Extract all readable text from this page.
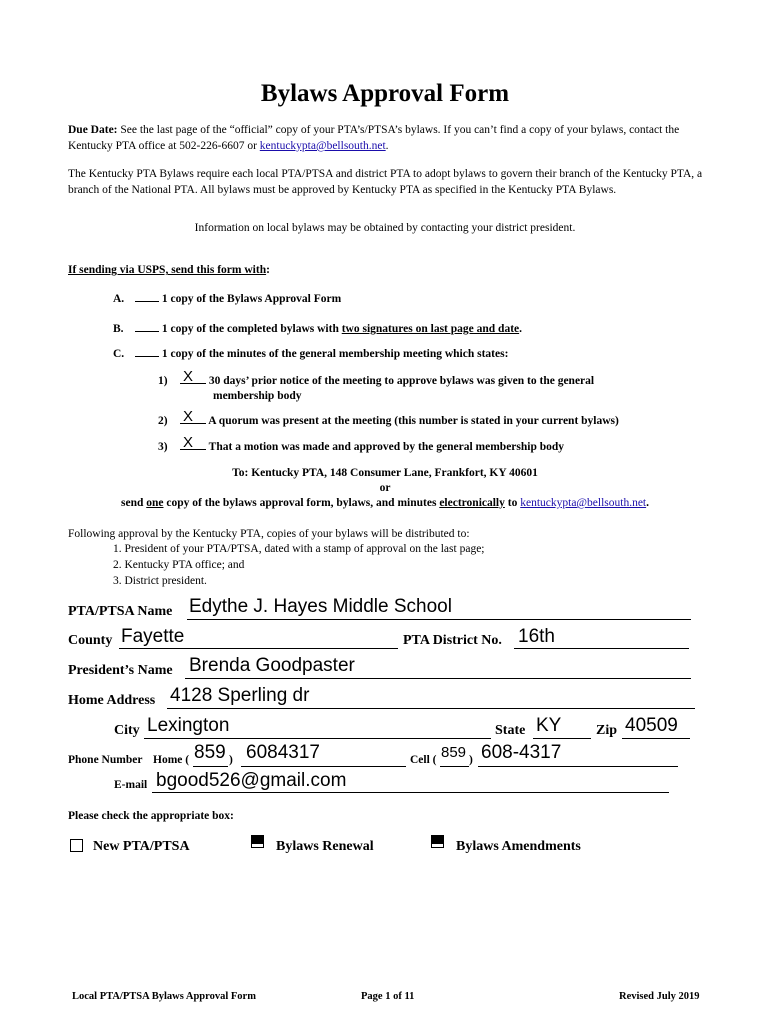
Bylaws Approval Form
Due Date: See the last page of the “official” copy of your PTA’s/PTSA’s bylaws. If you can’t find a copy of your bylaws, contact the Kentucky PTA office at 502-226-6607 or kentuckypta@bellsouth.net.
The Kentucky PTA Bylaws require each local PTA/PTSA and district PTA to adopt bylaws to govern their branch of the Kentucky PTA, a branch of the National PTA. All bylaws must be approved by Kentucky PTA as specified in the Kentucky PTA Bylaws.
Information on local bylaws may be obtained by contacting your district president.
If sending via USPS, send this form with:
A.	1 copy of the Bylaws Approval Form
B.	1 copy of the completed bylaws with two signatures on last page and date.
C.	1 copy of the minutes of the general membership meeting which states:
1) X 30 days’ prior notice of the meeting to approve bylaws was given to the general
membership body
2) X A quorum was present at the meeting (this number is stated in your current bylaws)
3) X That a motion was made and approved by the general membership body
To: Kentucky PTA, 148 Consumer Lane, Frankfort, KY 40601
or
send one copy of the bylaws approval form, bylaws, and minutes electronically to kentuckypta@bellsouth.net.
Following approval by the Kentucky PTA, copies of your bylaws will be distributed to:
1. President of your PTA/PTSA, dated with a stamp of approval on the last page;
2. Kentucky PTA office; and
3. District president.
PTA/PTSA Name Edythe J. Hayes Middle School
County Fayette	PTA District No. 16th
President’s Name Brenda Goodpaster
Home Address 4128 Sperling dr
City Lexington	State KY Zip 40509
Phone Number Home ( 859 ) 6084317	Cell ( 859 ) 608-4317
E-mail bgood526@gmail.com
Please check the appropriate box:
New PTA/PTSA	Bylaws Renewal	Bylaws Amendments
Local PTA/PTSA Bylaws Approval Form	Page 1 of 11	Revised July 2019
